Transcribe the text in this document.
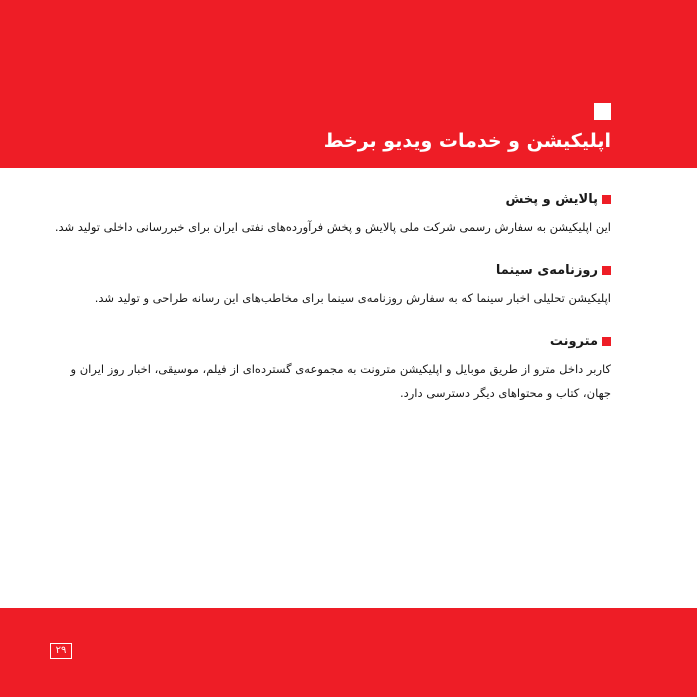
اپلیکیشن و خدمات ویدیو برخط
پالایش و پخش
این اپلیکیشن به سفارش رسمی شرکت ملی پالایش و پخش فرآورده‌های نفتی ایران برای خبررسانی داخلی تولید شد.
روزنامه‌ی سینما
اپلیکیشن تحلیلی اخبار سینما که به سفارش روزنامه‌ی سینما برای مخاطب‌های این رسانه طراحی و تولید شد.
مترونت
کاربر داخل مترو از طریق موبایل و اپلیکیشن مترونت به مجموعه‌ی گسترده‌ای از فیلم، موسیقی، اخبار روز ایران و جهان، کتاب و محتواهای دیگر دسترسی دارد.
۲۹
